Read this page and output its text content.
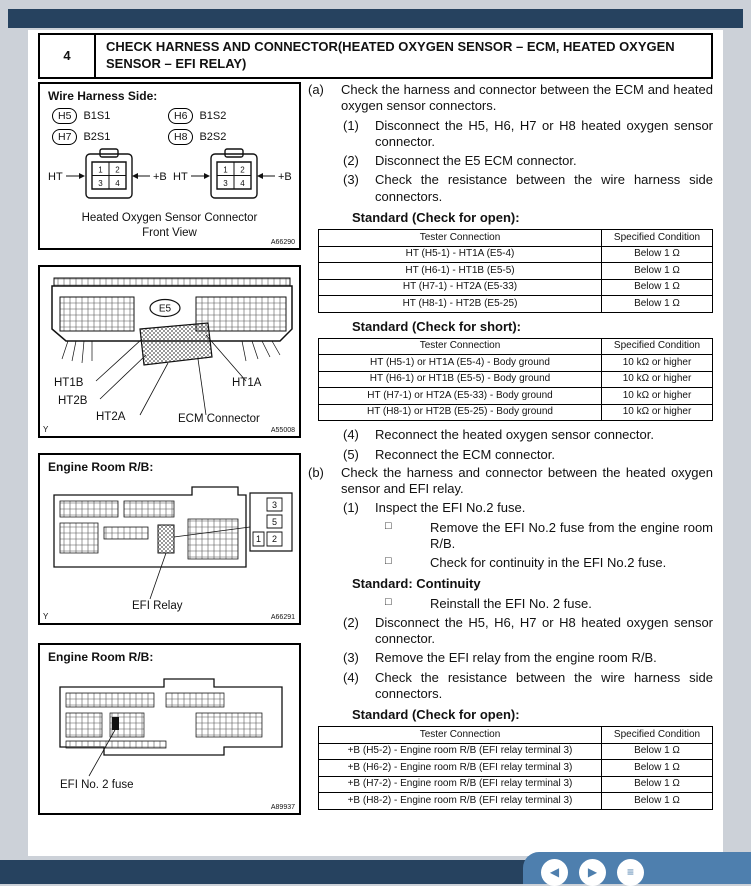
4
CHECK HARNESS AND CONNECTOR(HEATED OXYGEN SENSOR – ECM, HEATED OXYGEN SENSOR – EFI RELAY)
Wire Harness Side:
H5	B1S1	H6	B1S2
H7	B2S1	H8	B2S2
HT
1 2
3 4
+B HT
1 2
3 4
+B
Heated Oxygen Sensor Connector
Front View
A66290
E5
HT1B	HT1A
HT2B
HT2A	ECM Connector
Y	A55008
Engine Room R/B:
3
5
1 2
EFI Relay
Y	A66291
Engine Room R/B:
EFI No. 2 fuse
A89937
(a)	Check the harness and connector between the ECM and heated oxygen sensor connectors.
(1)	Disconnect the H5, H6, H7 or H8 heated oxygen sensor connector.
(2)	Disconnect the E5 ECM connector.
(3)	Check the resistance between the wire harness side connectors.
Standard (Check for open):
Tester Connection	Specified Condition
HT (H5-1) - HT1A (E5-4)	Below 1 Ω
HT (H6-1) - HT1B (E5-5)	Below 1 Ω
HT (H7-1) - HT2A (E5-33)	Below 1 Ω
HT (H8-1) - HT2B (E5-25)	Below 1 Ω
Standard (Check for short):
Tester Connection	Specified Condition
HT (H5-1) or HT1A (E5-4) - Body ground	10 kΩ or higher
HT (H6-1) or HT1B (E5-5) - Body ground	10 kΩ or higher
HT (H7-1) or HT2A (E5-33) - Body ground	10 kΩ or higher
HT (H8-1) or HT2B (E5-25) - Body ground	10 kΩ or higher
(4)	Reconnect the heated oxygen sensor connector.
(5)	Reconnect the ECM connector.
(b)	Check the harness and connector between the heated oxygen sensor and EFI relay.
(1)	Inspect the EFI No.2 fuse.
□	Remove the EFI No.2 fuse from the engine room R/B.
□	Check for continuity in the EFI No.2 fuse.
Standard: Continuity
□	Reinstall the EFI No. 2 fuse.
(2)	Disconnect the H5, H6, H7 or H8 heated oxygen sensor connector.
(3)	Remove the EFI relay from the engine room R/B.
(4)	Check the resistance between the wire harness side connectors.
Standard (Check for open):
Tester Connection	Specified Condition
+B (H5-2) - Engine room R/B (EFI relay terminal 3)	Below 1 Ω
+B (H6-2) - Engine room R/B (EFI relay terminal 3)	Below 1 Ω
+B (H7-2) - Engine room R/B (EFI relay terminal 3)	Below 1 Ω
+B (H8-2) - Engine room R/B (EFI relay terminal 3)	Below 1 Ω
◀	▶	≡
